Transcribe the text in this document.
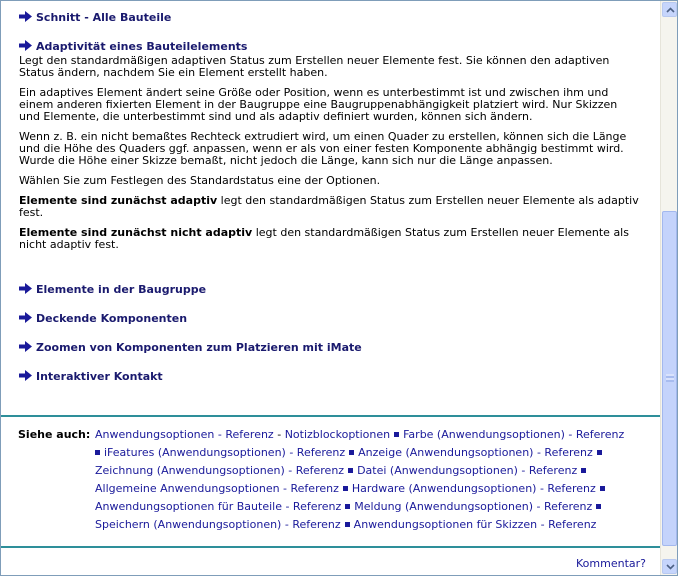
Schnitt - Alle Bauteile
Adaptivität eines Bauteilelements

Legt den standardmäßigen adaptiven Status zum Erstellen neuer Elemente fest. Sie können den adaptiven Status ändern, nachdem Sie ein Element erstellt haben.

Ein adaptives Element ändert seine Größe oder Position, wenn es unterbestimmt ist und zwischen ihm und einem anderen fixierten Element in der Baugruppe eine Baugruppenabhängigkeit platziert wird. Nur Skizzen und Elemente, die unterbestimmt sind und als adaptiv definiert wurden, können sich ändern.

Wenn z. B. ein nicht bemaßtes Rechteck extrudiert wird, um einen Quader zu erstellen, können sich die Länge und die Höhe des Quaders ggf. anpassen, wenn er als von einer festen Komponente abhängig bestimmt wird. Wurde die Höhe einer Skizze bemaßt, nicht jedoch die Länge, kann sich nur die Länge anpassen.

Wählen Sie zum Festlegen des Standardstatus eine der Optionen.

Elemente sind zunächst adaptiv legt den standardmäßigen Status zum Erstellen neuer Elemente als adaptiv fest.

Elemente sind zunächst nicht adaptiv legt den standardmäßigen Status zum Erstellen neuer Elemente als nicht adaptiv fest.

Elemente in der Baugruppe
Deckende Komponenten
Zoomen von Komponenten zum Platzieren mit iMate
Interaktiver Kontakt
Siehe auch: Anwendungsoptionen - Referenz - Notizblockoptionen Farbe (Anwendungsoptionen) - Referenz
iFeatures (Anwendungsoptionen) - Referenz Anzeige (Anwendungsoptionen) - Referenz
Zeichnung (Anwendungsoptionen) - Referenz Datei (Anwendungsoptionen) - Referenz
Allgemeine Anwendungsoptionen - Referenz Hardware (Anwendungsoptionen) - Referenz
Anwendungsoptionen für Bauteile - Referenz Meldung (Anwendungsoptionen) - Referenz
Speichern (Anwendungsoptionen) - Referenz Anwendungsoptionen für Skizzen - Referenz
Kommentar?
